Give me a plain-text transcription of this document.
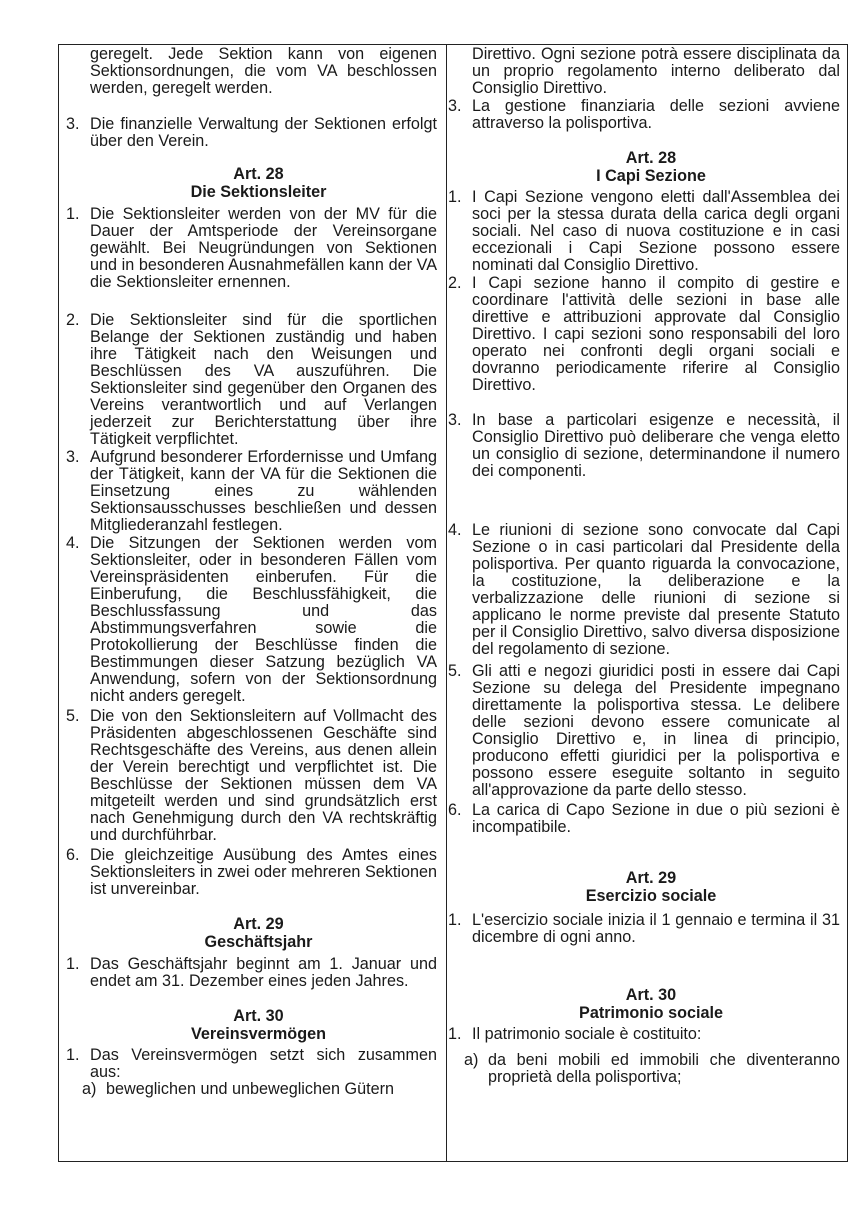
geregelt. Jede Sektion kann von eigenen Sektionsordnungen, die vom VA beschlossen werden, geregelt werden.
3. Die finanzielle Verwaltung der Sektionen erfolgt über den Verein.
Art. 28
Die Sektionsleiter
1. Die Sektionsleiter werden von der MV für die Dauer der Amtsperiode der Vereinsorgane gewählt. Bei Neugründungen von Sektionen und in besonderen Ausnahmefällen kann der VA die Sektionsleiter ernennen.
2. Die Sektionsleiter sind für die sportlichen Belange der Sektionen zuständig und haben ihre Tätigkeit nach den Weisungen und Beschlüssen des VA auszuführen. Die Sektionsleiter sind gegenüber den Organen des Vereins verantwortlich und auf Verlangen jederzeit zur Berichterstattung über ihre Tätigkeit verpflichtet.
3. Aufgrund besonderer Erfordernisse und Umfang der Tätigkeit, kann der VA für die Sektionen die Einsetzung eines zu wählenden Sektionsausschusses beschließen und dessen Mitgliederanzahl festlegen.
4. Die Sitzungen der Sektionen werden vom Sektionsleiter, oder in besonderen Fällen vom Vereinspräsidenten einberufen. Für die Einberufung, die Beschlussfähigkeit, die Beschlussfassung und das Abstimmungsverfahren sowie die Protokollierung der Beschlüsse finden die Bestimmungen dieser Satzung bezüglich VA Anwendung, sofern von der Sektionsordnung nicht anders geregelt.
5. Die von den Sektionsleitern auf Vollmacht des Präsidenten abgeschlossenen Geschäfte sind Rechtsgeschäfte des Vereins, aus denen allein der Verein berechtigt und verpflichtet ist. Die Beschlüsse der Sektionen müssen dem VA mitgeteilt werden und sind grundsätzlich erst nach Genehmigung durch den VA rechtskräftig und durchführbar.
6. Die gleichzeitige Ausübung des Amtes eines Sektionsleiters in zwei oder mehreren Sektionen ist unvereinbar.
Art. 29
Geschäftsjahr
1. Das Geschäftsjahr beginnt am 1. Januar und endet am 31. Dezember eines jeden Jahres.
Art. 30
Vereinsvermögen
1. Das Vereinsvermögen setzt sich zusammen aus:
a) beweglichen und unbeweglichen Gütern
Direttivo. Ogni sezione potrà essere disciplinata da un proprio regolamento interno deliberato dal Consiglio Direttivo.
3. La gestione finanziaria delle sezioni avviene attraverso la polisportiva.
Art. 28
I Capi Sezione
1. I Capi Sezione vengono eletti dall'Assemblea dei soci per la stessa durata della carica degli organi sociali. Nel caso di nuova costituzione e in casi eccezionali i Capi Sezione possono essere nominati dal Consiglio Direttivo.
2. I Capi sezione hanno il compito di gestire e coordinare l'attività delle sezioni in base alle direttive e attribuzioni approvate dal Consiglio Direttivo. I capi sezioni sono responsabili del loro operato nei confronti degli organi sociali e dovranno periodicamente riferire al Consiglio Direttivo.
3. In base a particolari esigenze e necessità, il Consiglio Direttivo può deliberare che venga eletto un consiglio di sezione, determinandone il numero dei componenti.
4. Le riunioni di sezione sono convocate dal Capi Sezione o in casi particolari dal Presidente della polisportiva. Per quanto riguarda la convocazione, la costituzione, la deliberazione e la verbalizzazione delle riunioni di sezione si applicano le norme previste dal presente Statuto per il Consiglio Direttivo, salvo diversa disposizione del regolamento di sezione.
5. Gli atti e negozi giuridici posti in essere dai Capi Sezione su delega del Presidente impegnano direttamente la polisportiva stessa. Le delibere delle sezioni devono essere comunicate al Consiglio Direttivo e, in linea di principio, producono effetti giuridici per la polisportiva e possono essere eseguite soltanto in seguito all'approvazione da parte dello stesso.
6. La carica di Capo Sezione in due o più sezioni è incompatibile.
Art. 29
Esercizio sociale
1. L'esercizio sociale inizia il 1 gennaio e termina il 31 dicembre di ogni anno.
Art. 30
Patrimonio sociale
1. Il patrimonio sociale è costituito:
a) da beni mobili ed immobili che diventeranno proprietà della polisportiva;
